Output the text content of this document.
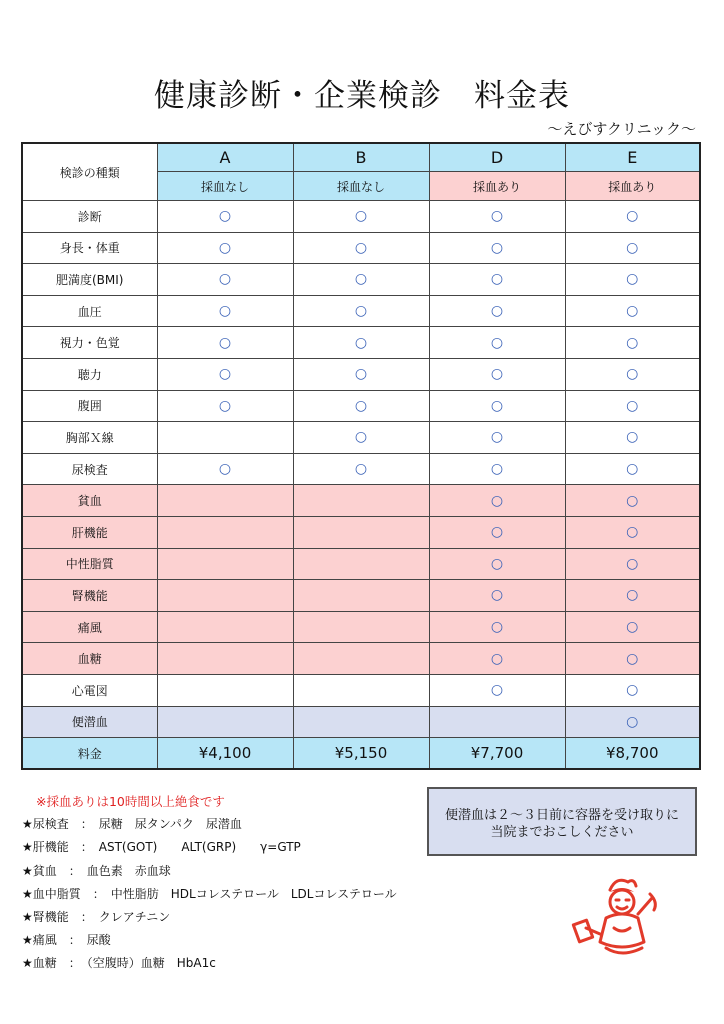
健康診断・企業検診　料金表
～えびすクリニック～
検診の種類	A	B	D	E
	採血なし	採血なし	採血あり	採血あり
診断	○	○	○	○
身長・体重	○	○	○	○
肥満度(BMI)	○	○	○	○
血圧	○	○	○	○
視力・色覚	○	○	○	○
聴力	○	○	○	○
腹囲	○	○	○	○
胸部Ｘ線		○	○	○
尿検査	○	○	○	○
貧血			○	○
肝機能			○	○
中性脂質			○	○
腎機能			○	○
痛風			○	○
血糖			○	○
心電図			○	○
便潜血				○
料金	¥4,100	¥5,150	¥7,700	¥8,700
※採血ありは10時間以上絶食です
★尿検査　：　尿糖　尿タンパク　尿潜血
★肝機能　：　AST(GOT)　　ALT(GRP)　　γ=GTP
★貧血　：　血色素　赤血球
★血中脂質　：　中性脂肪　HDLコレステロール　LDLコレステロール
★腎機能　：　クレアチニン
★痛風　：　尿酸
★血糖　：　（空腹時）血糖　HbA1c
便潜血は２～３日前に容器を受け取りに
当院までおこしください
